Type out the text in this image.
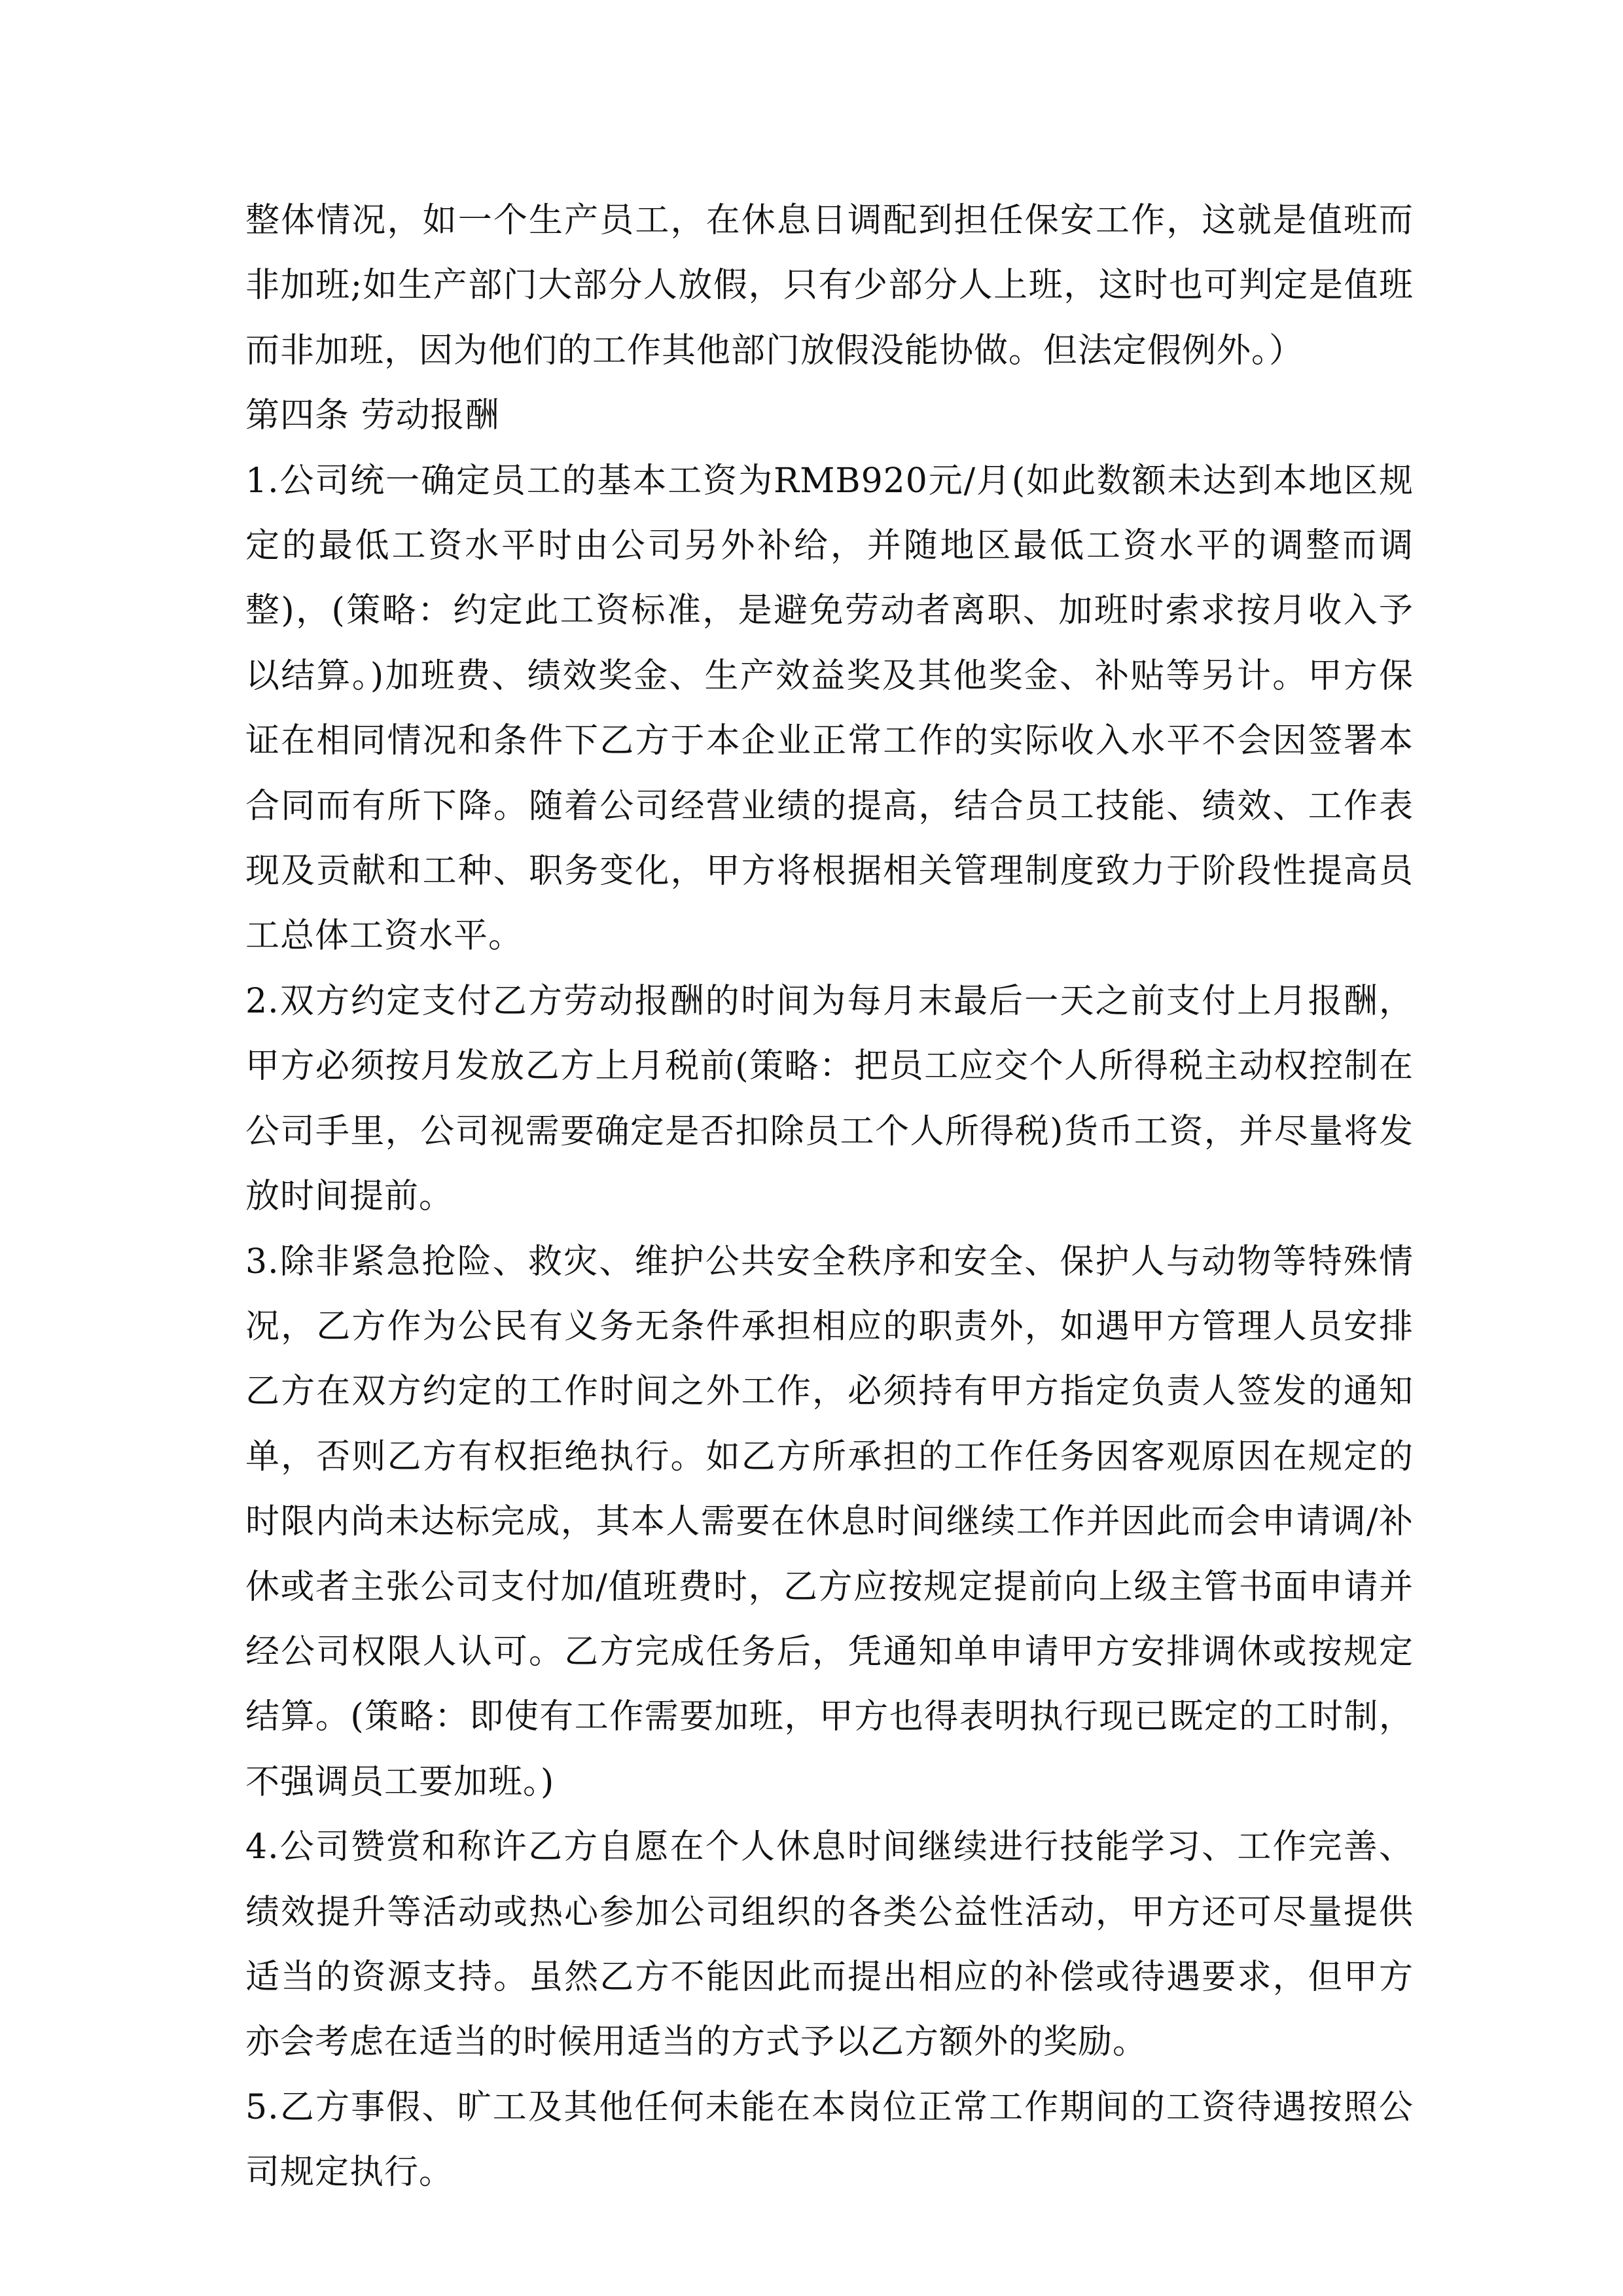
整体情况，如一个生产员工，在休息日调配到担任保安工作，这就是值班而非加班;如生产部门大部分人放假，只有少部分人上班，这时也可判定是值班而非加班，因为他们的工作其他部门放假没能协做。但法定假例外。）

第四条 劳动报酬

1.公司统一确定员工的基本工资为RMB920元/月(如此数额未达到本地区规定的最低工资水平时由公司另外补给，并随地区最低工资水平的调整而调整)，(策略：约定此工资标准，是避免劳动者离职、加班时索求按月收入予以结算。)加班费、绩效奖金、生产效益奖及其他奖金、补贴等另计。甲方保证在相同情况和条件下乙方于本企业正常工作的实际收入水平不会因签署本合同而有所下降。随着公司经营业绩的提高，结合员工技能、绩效、工作表现及贡献和工种、职务变化，甲方将根据相关管理制度致力于阶段性提高员工总体工资水平。

2.双方约定支付乙方劳动报酬的时间为每月末最后一天之前支付上月报酬，甲方必须按月发放乙方上月税前(策略：把员工应交个人所得税主动权控制在公司手里，公司视需要确定是否扣除员工个人所得税)货币工资，并尽量将发放时间提前。

3.除非紧急抢险、救灾、维护公共安全秩序和安全、保护人与动物等特殊情况，乙方作为公民有义务无条件承担相应的职责外，如遇甲方管理人员安排乙方在双方约定的工作时间之外工作，必须持有甲方指定负责人签发的通知单，否则乙方有权拒绝执行。如乙方所承担的工作任务因客观原因在规定的时限内尚未达标完成，其本人需要在休息时间继续工作并因此而会申请调/补休或者主张公司支付加/值班费时，乙方应按规定提前向上级主管书面申请并经公司权限人认可。乙方完成任务后，凭通知单申请甲方安排调休或按规定结算。(策略：即使有工作需要加班，甲方也得表明执行现已既定的工时制，不强调员工要加班。)

4.公司赞赏和称许乙方自愿在个人休息时间继续进行技能学习、工作完善、绩效提升等活动或热心参加公司组织的各类公益性活动，甲方还可尽量提供适当的资源支持。虽然乙方不能因此而提出相应的补偿或待遇要求，但甲方亦会考虑在适当的时候用适当的方式予以乙方额外的奖励。

5.乙方事假、旷工及其他任何未能在本岗位正常工作期间的工资待遇按照公司规定执行。
